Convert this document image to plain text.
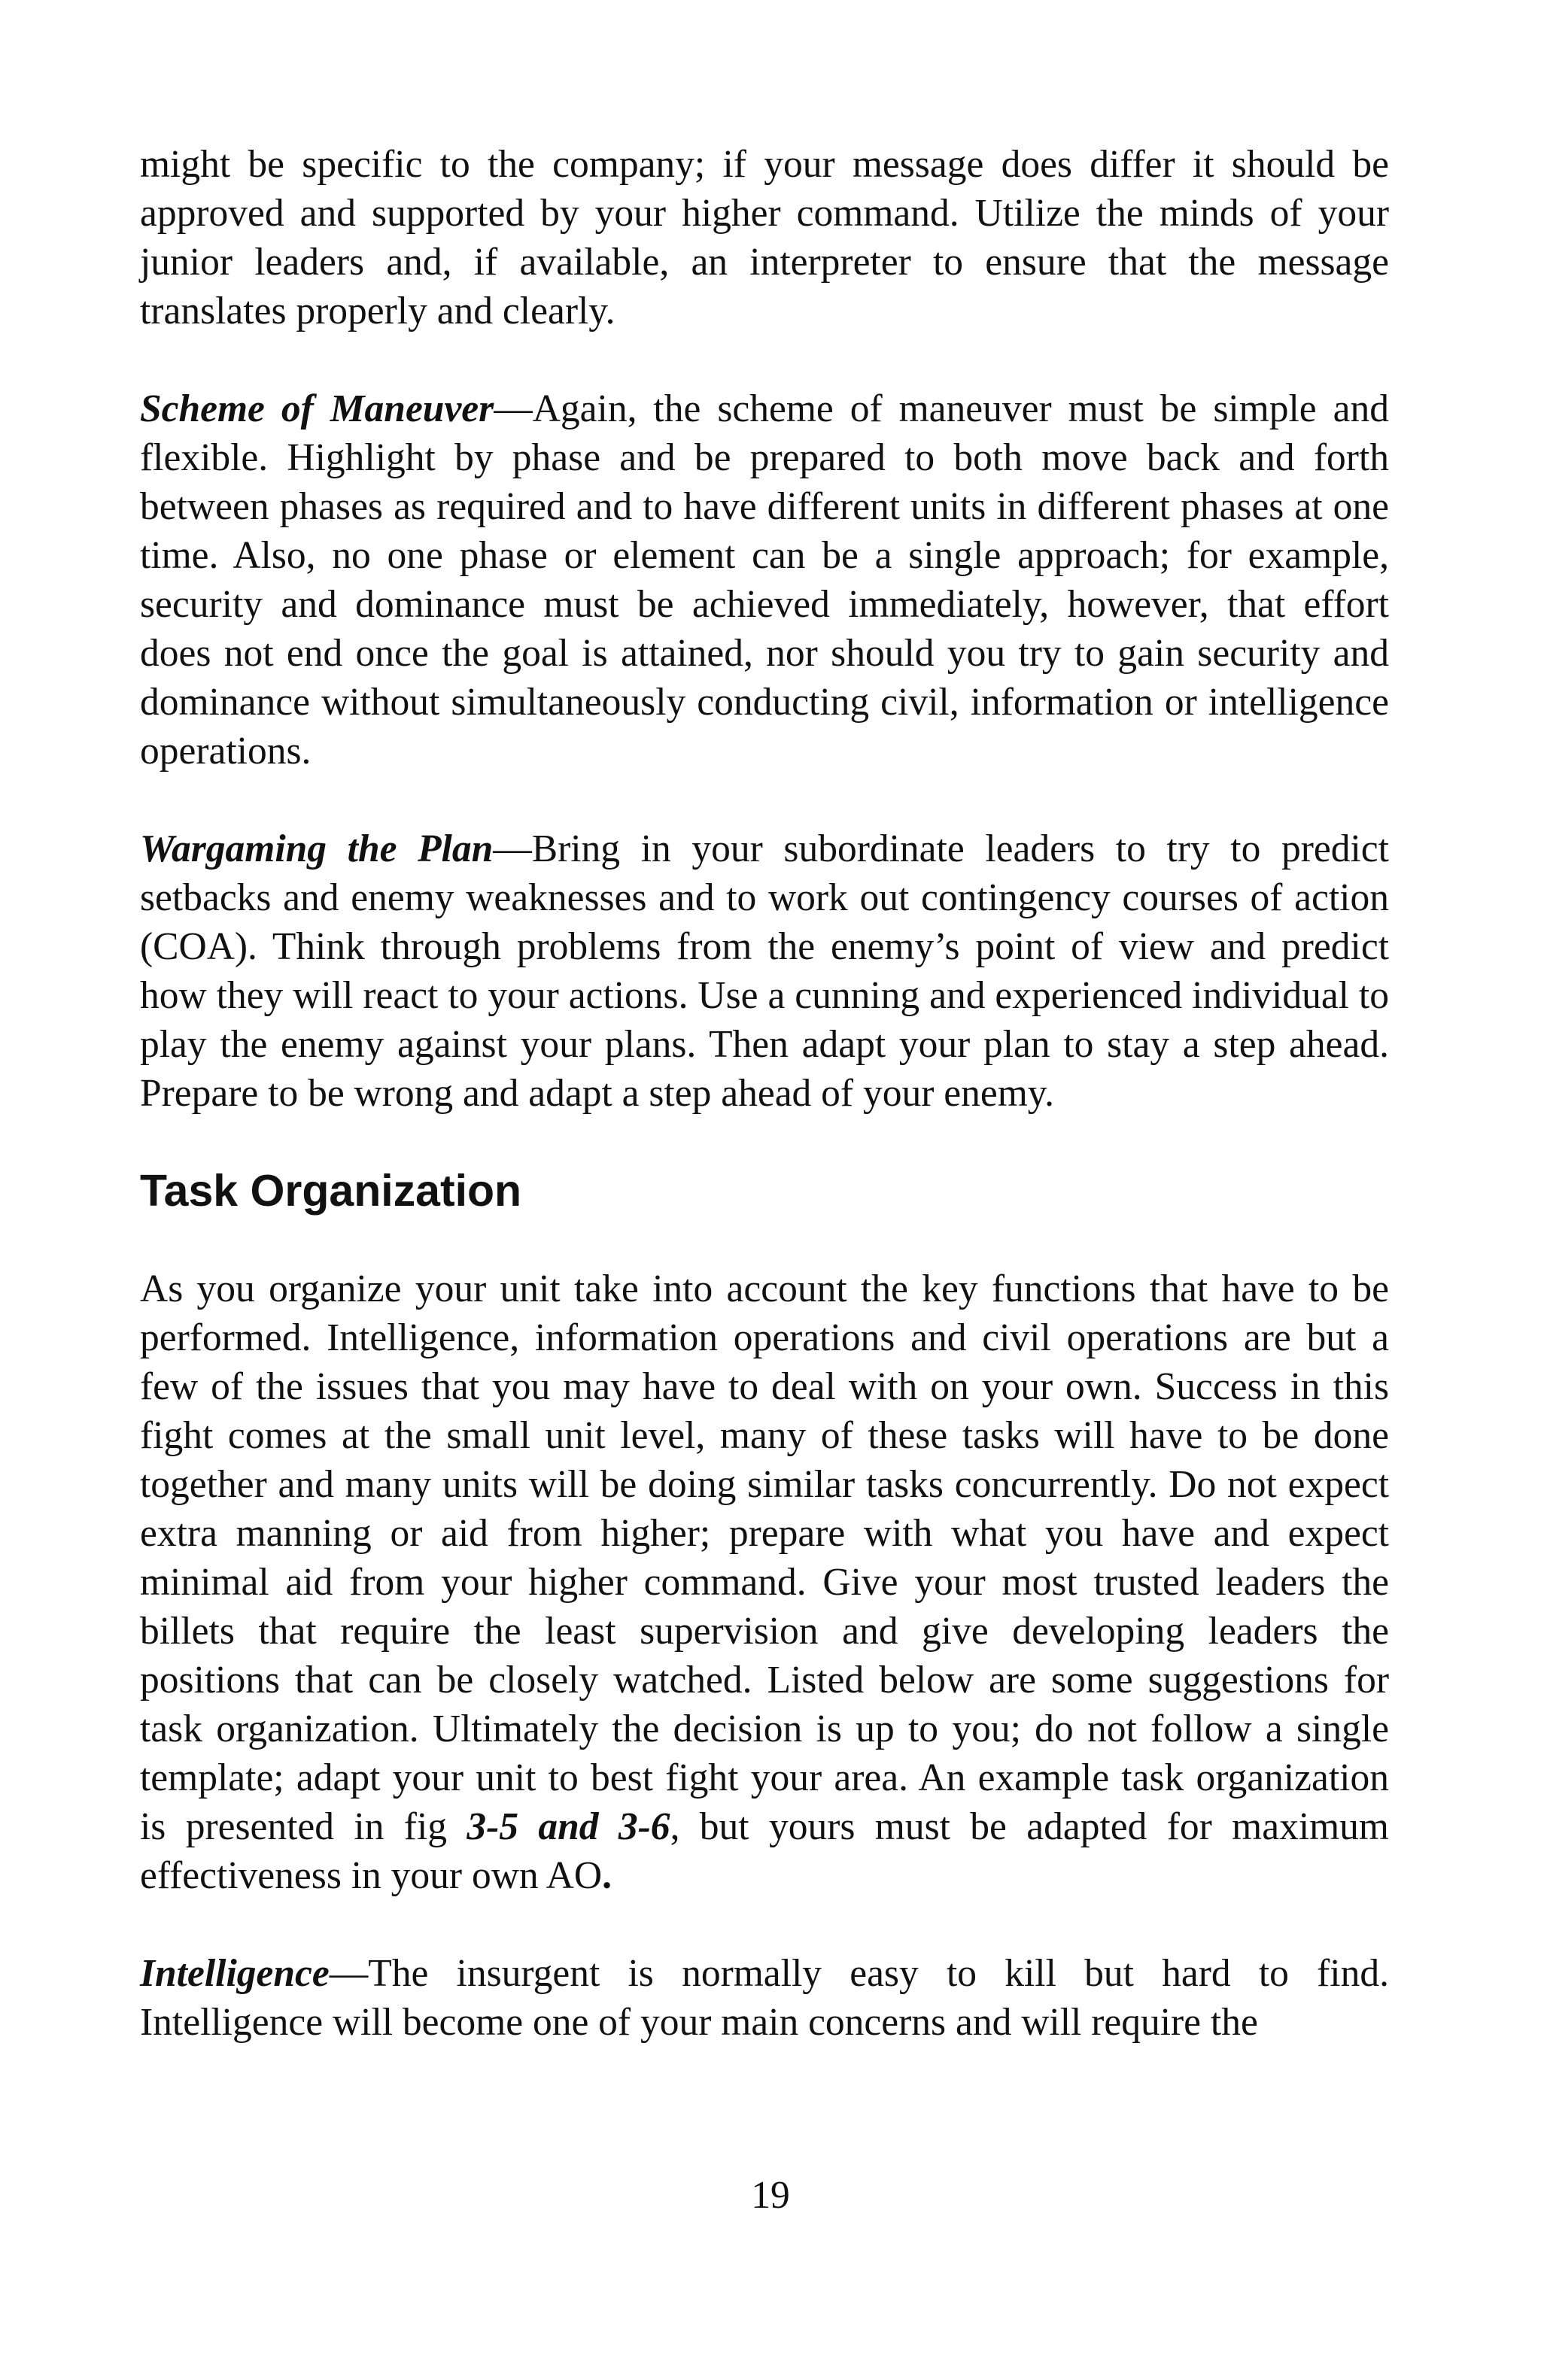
might be specific to the company; if your message does differ it should be approved and supported by your higher command. Utilize the minds of your junior leaders and, if available, an interpreter to ensure that the message translates properly and clearly.

Scheme of Maneuver—Again, the scheme of maneuver must be simple and flexible. Highlight by phase and be prepared to both move back and forth between phases as required and to have different units in different phases at one time. Also, no one phase or element can be a single approach; for example, security and dominance must be achieved immediately, however, that effort does not end once the goal is attained, nor should you try to gain security and dominance without simultaneously conducting civil, information or intelligence operations.

Wargaming the Plan—Bring in your subordinate leaders to try to predict setbacks and enemy weaknesses and to work out contingency courses of action (COA). Think through problems from the enemy’s point of view and predict how they will react to your actions. Use a cunning and experienced individual to play the enemy against your plans. Then adapt your plan to stay a step ahead. Prepare to be wrong and adapt a step ahead of your enemy.

Task Organization

As you organize your unit take into account the key functions that have to be performed. Intelligence, information operations and civil operations are but a few of the issues that you may have to deal with on your own. Success in this fight comes at the small unit level, many of these tasks will have to be done together and many units will be doing similar tasks concurrently. Do not expect extra manning or aid from higher; prepare with what you have and expect minimal aid from your higher command. Give your most trusted leaders the billets that require the least supervision and give developing leaders the positions that can be closely watched. Listed below are some suggestions for task organization. Ultimately the decision is up to you; do not follow a single template; adapt your unit to best fight your area. An example task organization is presented in fig 3-5 and 3-6, but yours must be adapted for maximum effectiveness in your own AO.

Intelligence—The insurgent is normally easy to kill but hard to find. Intelligence will become one of your main concerns and will require the

19
